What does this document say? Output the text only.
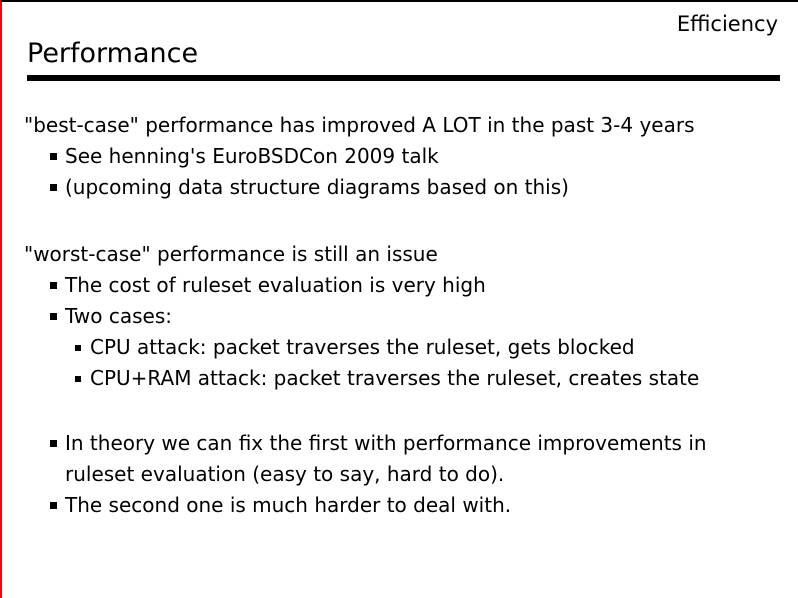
Efficiency
Performance
"best-case" performance has improved A LOT in the past 3-4 years
See henning's EuroBSDCon 2009 talk
(upcoming data structure diagrams based on this)
"worst-case" performance is still an issue
The cost of ruleset evaluation is very high
Two cases:
CPU attack: packet traverses the ruleset, gets blocked
CPU+RAM attack: packet traverses the ruleset, creates state
In theory we can fix the first with performance improvements in
ruleset evaluation (easy to say, hard to do).
The second one is much harder to deal with.
